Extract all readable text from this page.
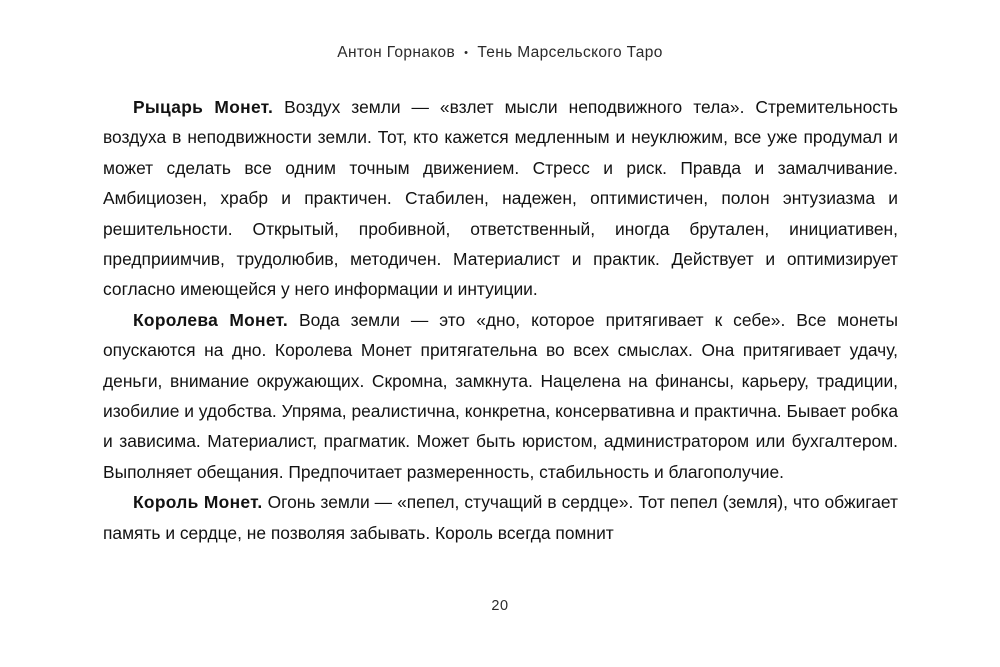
Антон Горнаков • Тень Марсельского Таро

Рыцарь Монет. Воздух земли — «взлет мысли неподвижного тела». Стремительность воздуха в неподвижности земли. Тот, кто кажется медленным и неуклюжим, все уже продумал и может сделать все одним точным движением. Стресс и риск. Правда и замалчивание. Амбициозен, храбр и практичен. Стабилен, надежен, оптимистичен, полон энтузиазма и решительности. Открытый, пробивной, ответственный, иногда брутален, инициативен, предприимчив, трудолюбив, методичен. Материалист и практик. Действует и оптимизирует согласно имеющейся у него информации и интуиции.

Королева Монет. Вода земли — это «дно, которое притягивает к себе». Все монеты опускаются на дно. Королева Монет притягательна во всех смыслах. Она притягивает удачу, деньги, внимание окружающих. Скромна, замкнута. Нацелена на финансы, карьеру, традиции, изобилие и удобства. Упряма, реалистична, конкретна, консервативна и практична. Бывает робка и зависима. Материалист, прагматик. Может быть юристом, администратором или бухгалтером. Выполняет обещания. Предпочитает размеренность, стабильность и благополучие.

Король Монет. Огонь земли — «пепел, стучащий в сердце». Тот пепел (земля), что обжигает память и сердце, не позволяя забывать. Король всегда помнит

20
